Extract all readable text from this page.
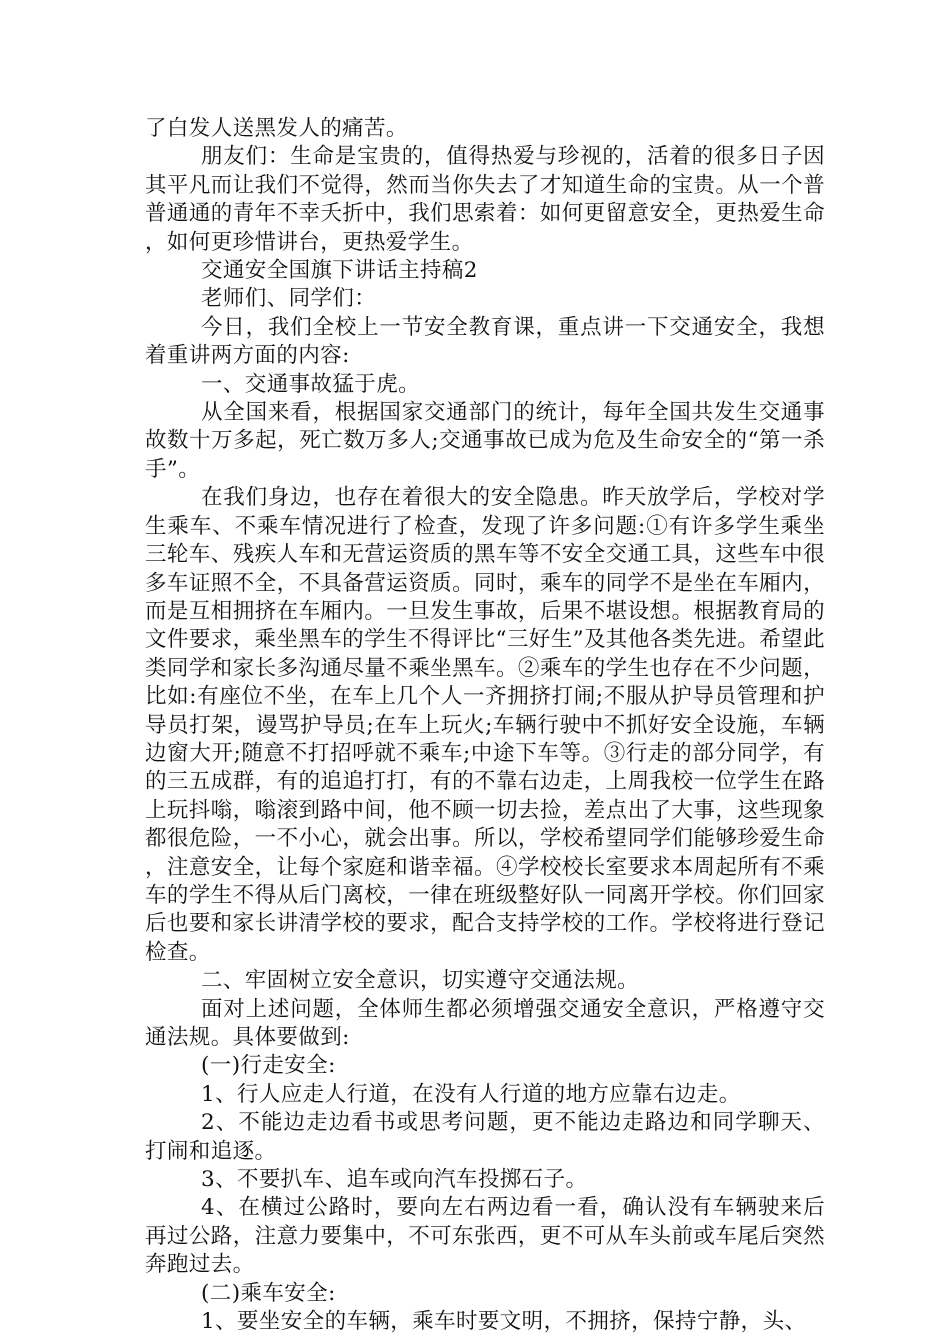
了白发人送黑发人的痛苦。

朋友们：生命是宝贵的，值得热爱与珍视的，活着的很多日子因其平凡而让我们不觉得，然而当你失去了才知道生命的宝贵。从一个普普通通的青年不幸夭折中，我们思索着：如何更留意安全，更热爱生命，如何更珍惜讲台，更热爱学生。

交通安全国旗下讲话主持稿2

老师们、同学们：

今日，我们全校上一节安全教育课，重点讲一下交通安全，我想着重讲两方面的内容:

一、交通事故猛于虎。

从全国来看，根据国家交通部门的统计，每年全国共发生交通事故数十万多起，死亡数万多人;交通事故已成为危及生命安全的“第一杀手”。

在我们身边，也存在着很大的安全隐患。昨天放学后，学校对学生乘车、不乘车情况进行了检查，发现了许多问题:①有许多学生乘坐三轮车、残疾人车和无营运资质的黑车等不安全交通工具，这些车中很多车证照不全，不具备营运资质。同时，乘车的同学不是坐在车厢内，而是互相拥挤在车厢内。一旦发生事故，后果不堪设想。根据教育局的文件要求，乘坐黑车的学生不得评比“三好生”及其他各类先进。希望此类同学和家长多沟通尽量不乘坐黑车。②乘车的学生也存在不少问题，比如:有座位不坐，在车上几个人一齐拥挤打闹;不服从护导员管理和护导员打架，谩骂护导员;在车上玩火;车辆行驶中不抓好安全设施，车辆边窗大开;随意不打招呼就不乘车;中途下车等。③行走的部分同学，有的三五成群，有的追追打打，有的不靠右边走，上周我校一位学生在路上玩抖嗡，嗡滚到路中间，他不顾一切去捡，差点出了大事，这些现象都很危险，一不小心，就会出事。所以，学校希望同学们能够珍爱生命，注意安全，让每个家庭和谐幸福。④学校校长室要求本周起所有不乘车的学生不得从后门离校，一律在班级整好队一同离开学校。你们回家后也要和家长讲清学校的要求，配合支持学校的工作。学校将进行登记检查。

二、牢固树立安全意识，切实遵守交通法规。

面对上述问题，全体师生都必须增强交通安全意识，严格遵守交通法规。具体要做到:

(一)行走安全:

1、行人应走人行道，在没有人行道的地方应靠右边走。

2、不能边走边看书或思考问题，更不能边走路边和同学聊天、打闹和追逐。

3、不要扒车、追车或向汽车投掷石子。

4、在横过公路时，要向左右两边看一看，确认没有车辆驶来后再过公路，注意力要集中，不可东张西，更不可从车头前或车尾后突然奔跑过去。

(二)乘车安全:

1、要坐安全的车辆，乘车时要文明，不拥挤，保持宁静，头、
